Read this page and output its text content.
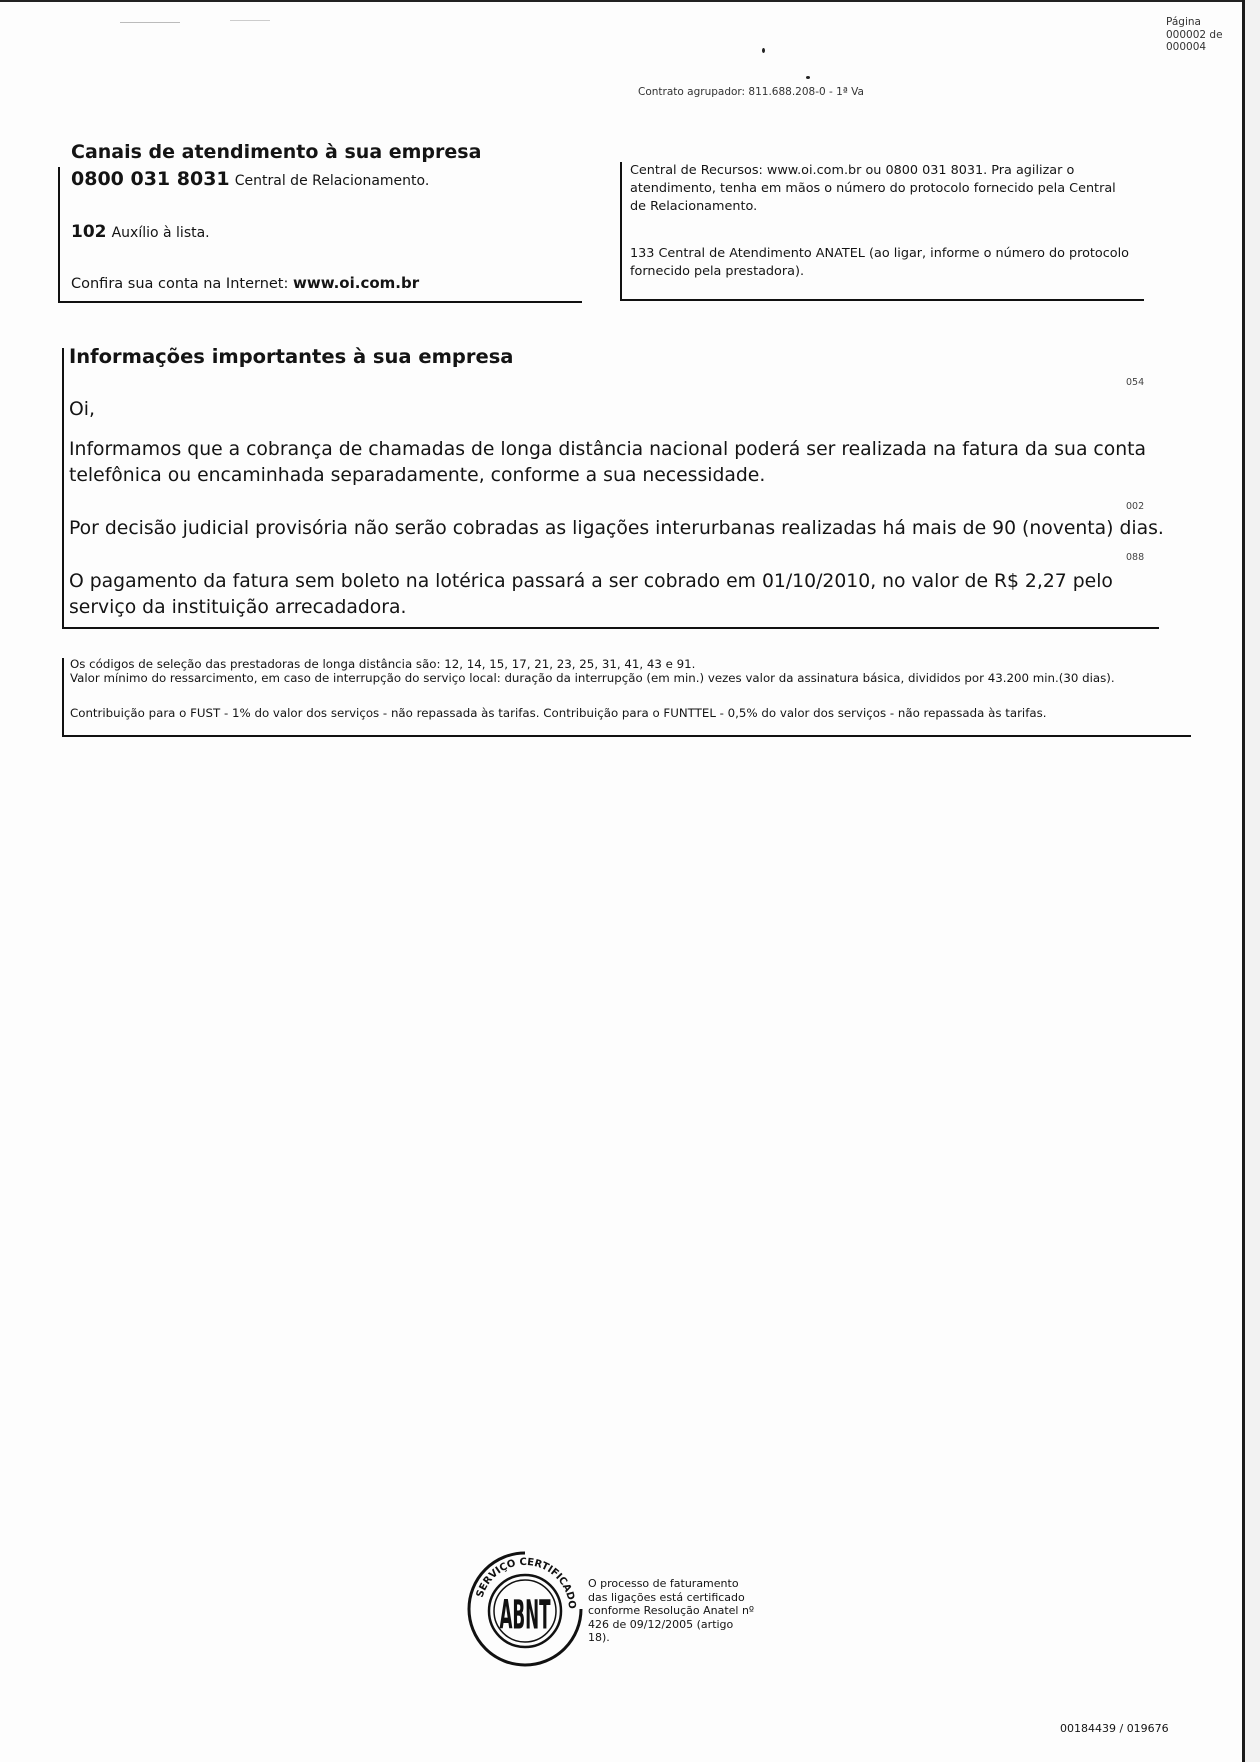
Página
000002 de
000004
Contrato agrupador: 811.688.208-0 - 1ª Va
Canais de atendimento à sua empresa
0800 031 8031 Central de Relacionamento.
102 Auxílio à lista.
Confira sua conta na Internet: www.oi.com.br
Central de Recursos: www.oi.com.br ou 0800 031 8031. Pra agilizar o atendimento, tenha em mãos o número do protocolo fornecido pela Central de Relacionamento.
133 Central de Atendimento ANATEL (ao ligar, informe o número do protocolo fornecido pela prestadora).
Informações importantes à sua empresa
054
Oi,
Informamos que a cobrança de chamadas de longa distância nacional poderá ser realizada na fatura da sua conta telefônica ou encaminhada separadamente, conforme a sua necessidade.
002
Por decisão judicial provisória não serão cobradas as ligações interurbanas realizadas há mais de 90 (noventa) dias.
088
O pagamento da fatura sem boleto na lotérica passará a ser cobrado em 01/10/2010, no valor de R$ 2,27 pelo serviço da instituição arrecadadora.
Os códigos de seleção das prestadoras de longa distância são: 12, 14, 15, 17, 21, 23, 25, 31, 41, 43 e 91.
Valor mínimo do ressarcimento, em caso de interrupção do serviço local: duração da interrupção (em min.) vezes valor da assinatura básica, divididos por 43.200 min.(30 dias).
Contribuição para o FUST - 1% do valor dos serviços - não repassada às tarifas. Contribuição para o FUNTTEL - 0,5% do valor dos serviços - não repassada às tarifas.
SERVIÇO CERTIFICADO
ABNT
O processo de faturamento das ligações está certificado conforme Resolução Anatel nº 426 de 09/12/2005 (artigo 18).
00184439 / 019676
